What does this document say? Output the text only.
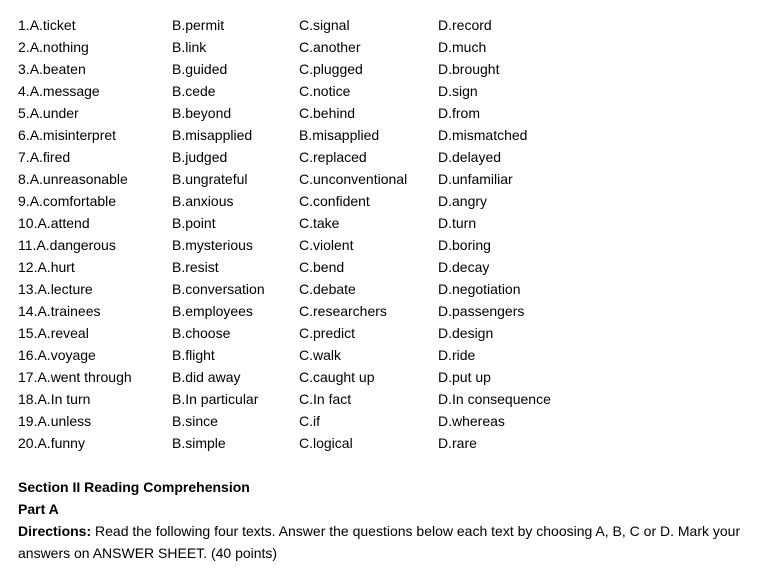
1.A.ticket	B.permit	C.signal	D.record
2.A.nothing	B.link	C.another	D.much
3.A.beaten	B.guided	C.plugged	D.brought
4.A.message	B.cede	C.notice	D.sign
5.A.under	B.beyond	C.behind	D.from
6.A.misinterpret	B.misapplied	B.misapplied	D.mismatched
7.A.fired	B.judged	C.replaced	D.delayed
8.A.unreasonable	B.ungrateful	C.unconventional D.unfamiliar
9.A.comfortable	B.anxious	C.confident	D.angry
10.A.attend	B.point	C.take	D.turn
11.A.dangerous	B.mysterious	C.violent	D.boring
12.A.hurt	B.resist	C.bend	D.decay
13.A.lecture	B.conversation C.debate	D.negotiation
14.A.trainees	B.employees	C.researchers	D.passengers
15.A.reveal	B.choose	C.predict	D.design
16.A.voyage	B.flight	C.walk	D.ride
17.A.went through	B.did away	C.caught up	D.put up
18.A.In turn	B.In particular	C.In fact	D.In consequence
19.A.unless	B.since	C.if	D.whereas
20.A.funny	B.simple	C.logical	D.rare
Section II Reading Comprehension
Part A

Directions: Read the following four texts. Answer the questions below each text by choosing A, B, C or D. Mark your answers on ANSWER SHEET. (40 points)
